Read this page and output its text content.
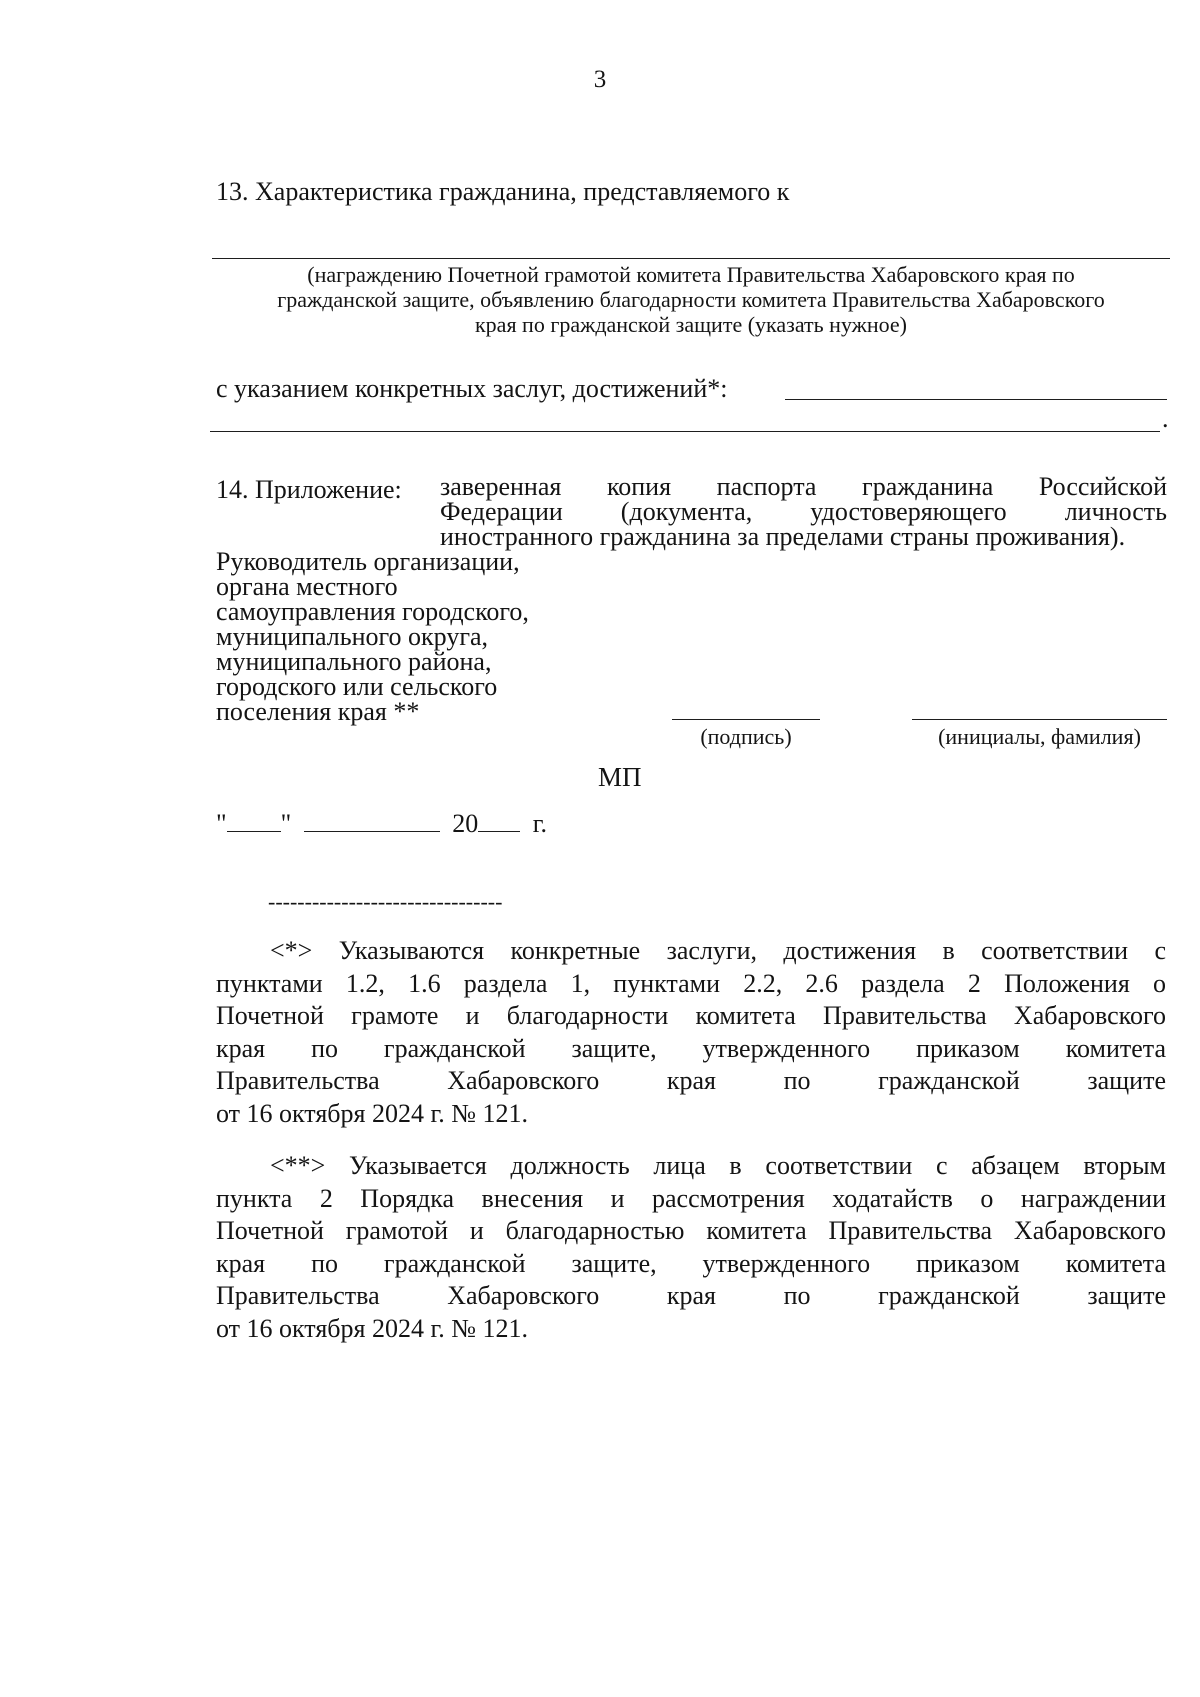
3
13. Характеристика гражданина, представляемого к
(награждению Почетной грамотой комитета Правительства Хабаровского края по
гражданской защите, объявлению благодарности комитета Правительства Хабаровского
края по гражданской защите (указать нужное)
с указанием конкретных заслуг, достижений*:
.
14. Приложение: заверенная копия паспорта гражданина Российской
Федерации (документа, удостоверяющего личность
иностранного гражданина за пределами страны проживания).
Руководитель организации,
органа местного
самоуправления городского,
муниципального округа,
муниципального района,
городского или сельского
поселения края **
(подпись)	(инициалы, фамилия)
МП
" "	20 г.
--------------------------------
<*> Указываются конкретные заслуги, достижения в соответствии с
пунктами 1.2, 1.6 раздела 1, пунктами 2.2, 2.6 раздела 2 Положения о
Почетной грамоте и благодарности комитета Правительства Хабаровского
края по гражданской защите, утвержденного приказом комитета
Правительства Хабаровского края по гражданской защите
от 16 октября 2024 г. № 121.
<**> Указывается должность лица в соответствии с абзацем вторым
пункта 2 Порядка внесения и рассмотрения ходатайств о награждении
Почетной грамотой и благодарностью комитета Правительства Хабаровского
края по гражданской защите, утвержденного приказом комитета
Правительства Хабаровского края по гражданской защите
от 16 октября 2024 г. № 121.
